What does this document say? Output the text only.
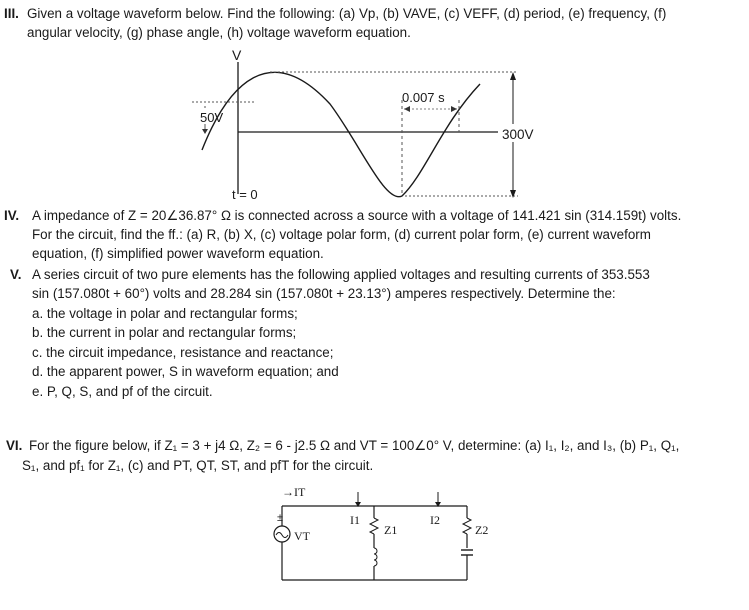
III. Given a voltage waveform below. Find the following: (a) Vp, (b) VAVE, (c) VEFF, (d) period, (e) frequency, (f)
angular velocity, (g) phase angle, (h) voltage waveform equation.
V
50V
0.007 s
300V
t = 0
IV. A impedance of Z = 20∠36.87° Ω is connected across a source with a voltage of 141.421 sin (314.159t) volts.
For the circuit, find the ff.: (a) R, (b) X, (c) voltage polar form, (d) current polar form, (e) current waveform
equation, (f) simplified power waveform equation.
V. A series circuit of two pure elements has the following applied voltages and resulting currents of 353.553
sin (157.080t + 60°) volts and 28.284 sin (157.080t + 23.13°) amperes respectively. Determine the:
a. the voltage in polar and rectangular forms;
b. the current in polar and rectangular forms;
c. the circuit impedance, resistance and reactance;
d. the apparent power, S in waveform equation; and
e. P, Q, S, and pf of the circuit.
VI. For the figure below, if Z₁ = 3 + j4 Ω, Z₂ = 6 - j2.5 Ω and VT = 100∠0° V, determine: (a) I₁, I₂, and I₃, (b) P₁, Q₁,
S₁, and pf₁ for Z₁, (c) and PT, QT, ST, and pfT for the circuit.
±
VT
→IT
I1
Z1
I2
Z2
